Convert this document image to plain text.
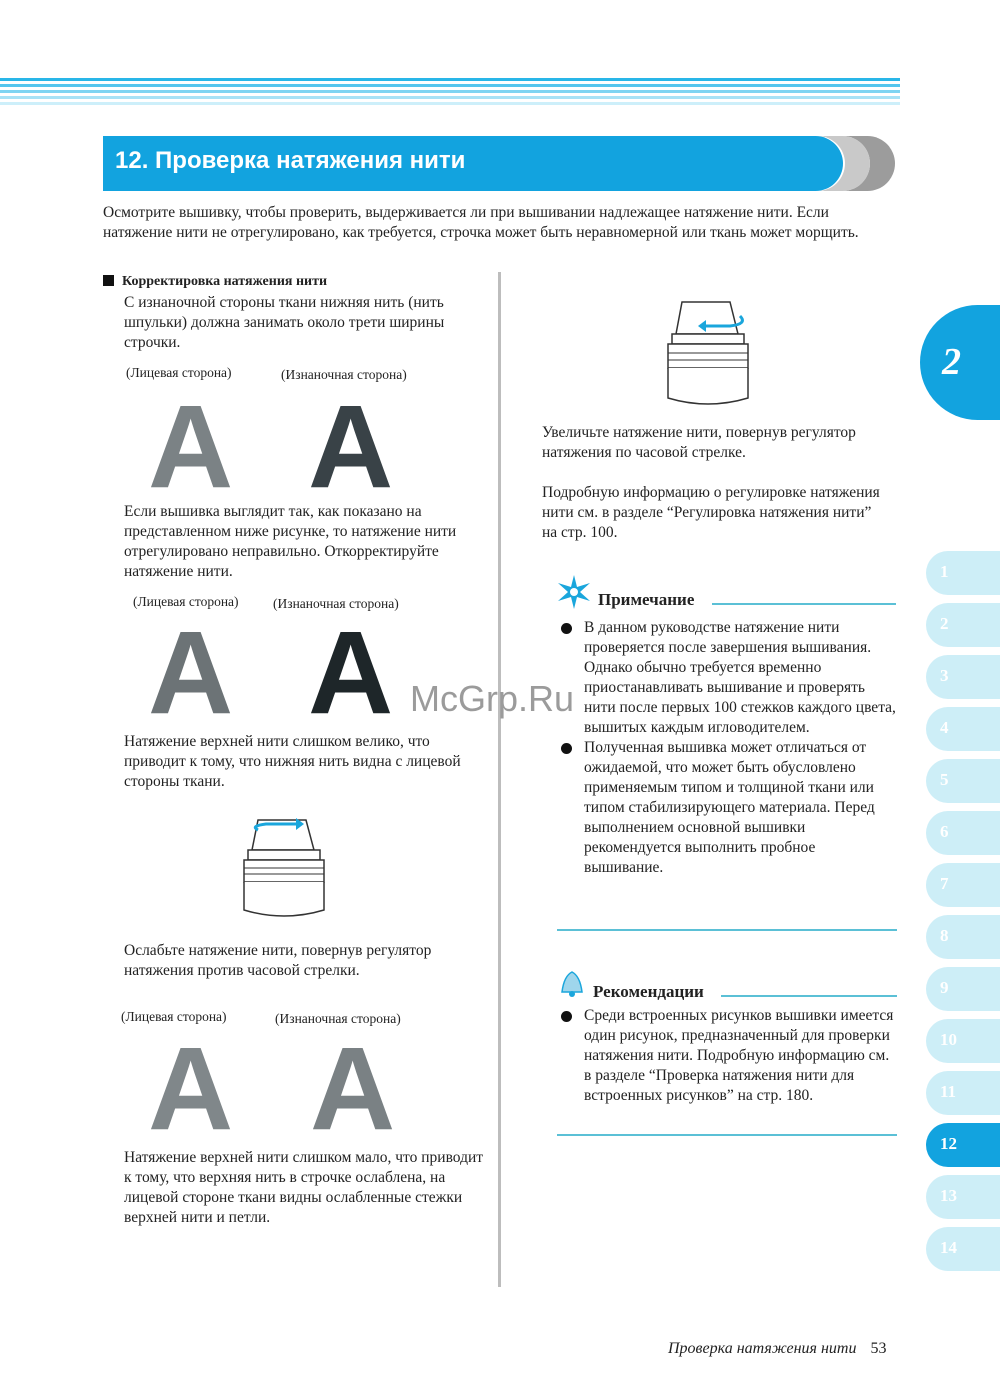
12. Проверка натяжения нити
Осмотрите вышивку, чтобы проверить, выдерживается ли при вышивании надлежащее натяжение нити. Если натяжение нити не отрегулировано, как требуется, строчка может быть неравномерной или ткань может морщить.
Корректировка натяжения нити
С изнаночной стороны ткани нижняя нить (нить шпульки) должна занимать около трети ширины строчки.
(Лицевая сторона)	(Изнаночная сторона)
A A
Если вышивка выглядит так, как показано на представленном ниже рисунке, то натяжение нити отрегулировано неправильно. Откорректируйте натяжение нити.
(Лицевая сторона)	(Изнаночная сторона)
A A
Натяжение верхней нити слишком велико, что приводит к тому, что нижняя нить видна с лицевой стороны ткани.
Ослабьте натяжение нити, повернув регулятор натяжения против часовой стрелки.
(Лицевая сторона)	(Изнаночная сторона)
A A
Натяжение верхней нити слишком мало, что приводит к тому, что верхняя нить в строчке ослаблена, на лицевой стороне ткани видны ослабленные стежки верхней нити и петли.
Увеличьте натяжение нити, повернув регулятор натяжения по часовой стрелке.
Подробную информацию о регулировке натяжения нити см. в разделе “Регулировка натяжения нити” на стр. 100.
Примечание
В данном руководстве натяжение нити проверяется после завершения вышивания. Однако обычно требуется временно приостанавливать вышивание и проверять нити после первых 100 стежков каждого цвета, вышитых каждым игловодителем.
Полученная вышивка может отличаться от ожидаемой, что может быть обусловлено применяемым типом и толщиной ткани или типом стабилизирующего материала. Перед выполнением основной вышивки рекомендуется выполнить пробное вышивание.
Рекомендации
Среди встроенных рисунков вышивки имеется один рисунок, предназначенный для проверки натяжения нити. Подробную информацию см. в разделе “Проверка натяжения нити для встроенных рисунков” на стр. 180.
2
1
2
3
4
5
6
7
8
9
10
11
12
13
14
McGrp.Ru
Проверка натяжения нити 53
